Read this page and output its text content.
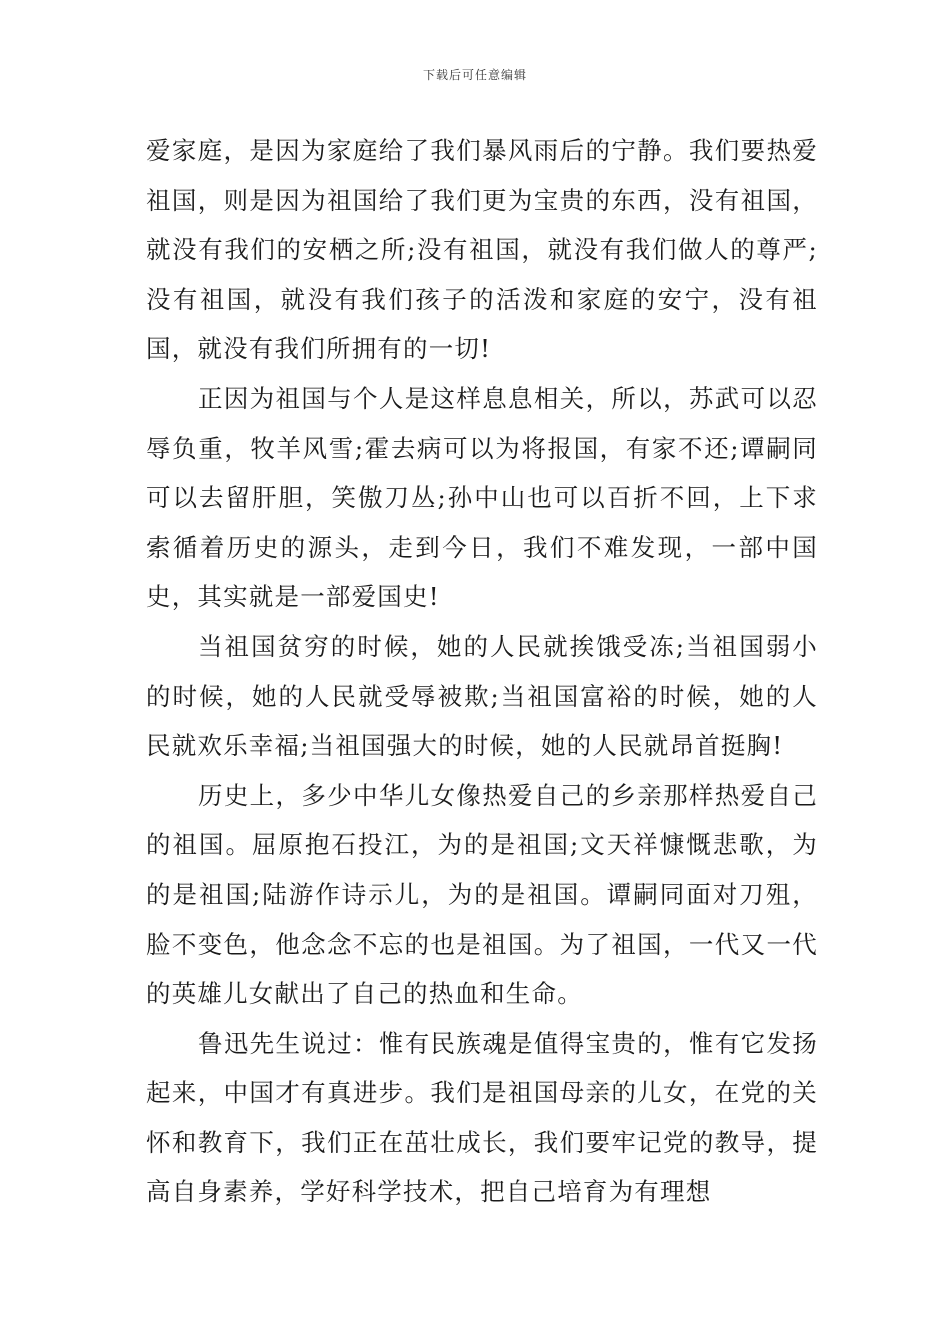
下载后可任意编辑

爱家庭，是因为家庭给了我们暴风雨后的宁静。我们要热爱祖国，则是因为祖国给了我们更为宝贵的东西，没有祖国，就没有我们的安栖之所;没有祖国，就没有我们做人的尊严;没有祖国，就没有我们孩子的活泼和家庭的安宁，没有祖国，就没有我们所拥有的一切!

正因为祖国与个人是这样息息相关，所以，苏武可以忍辱负重，牧羊风雪;霍去病可以为将报国，有家不还;谭嗣同可以去留肝胆，笑傲刀丛;孙中山也可以百折不回，上下求索循着历史的源头，走到今日，我们不难发现，一部中国史，其实就是一部爱国史!

当祖国贫穷的时候，她的人民就挨饿受冻;当祖国弱小的时候，她的人民就受辱被欺;当祖国富裕的时候，她的人民就欢乐幸福;当祖国强大的时候，她的人民就昂首挺胸!

历史上，多少中华儿女像热爱自己的乡亲那样热爱自己的祖国。屈原抱石投江，为的是祖国;文天祥慷慨悲歌，为的是祖国;陆游作诗示儿，为的是祖国。谭嗣同面对刀殂，脸不变色，他念念不忘的也是祖国。为了祖国，一代又一代的英雄儿女献出了自己的热血和生命。

鲁迅先生说过：惟有民族魂是值得宝贵的，惟有它发扬起来，中国才有真进步。我们是祖国母亲的儿女，在党的关怀和教育下，我们正在茁壮成长，我们要牢记党的教导，提高自身素养，学好科学技术，把自己培育为有理想
